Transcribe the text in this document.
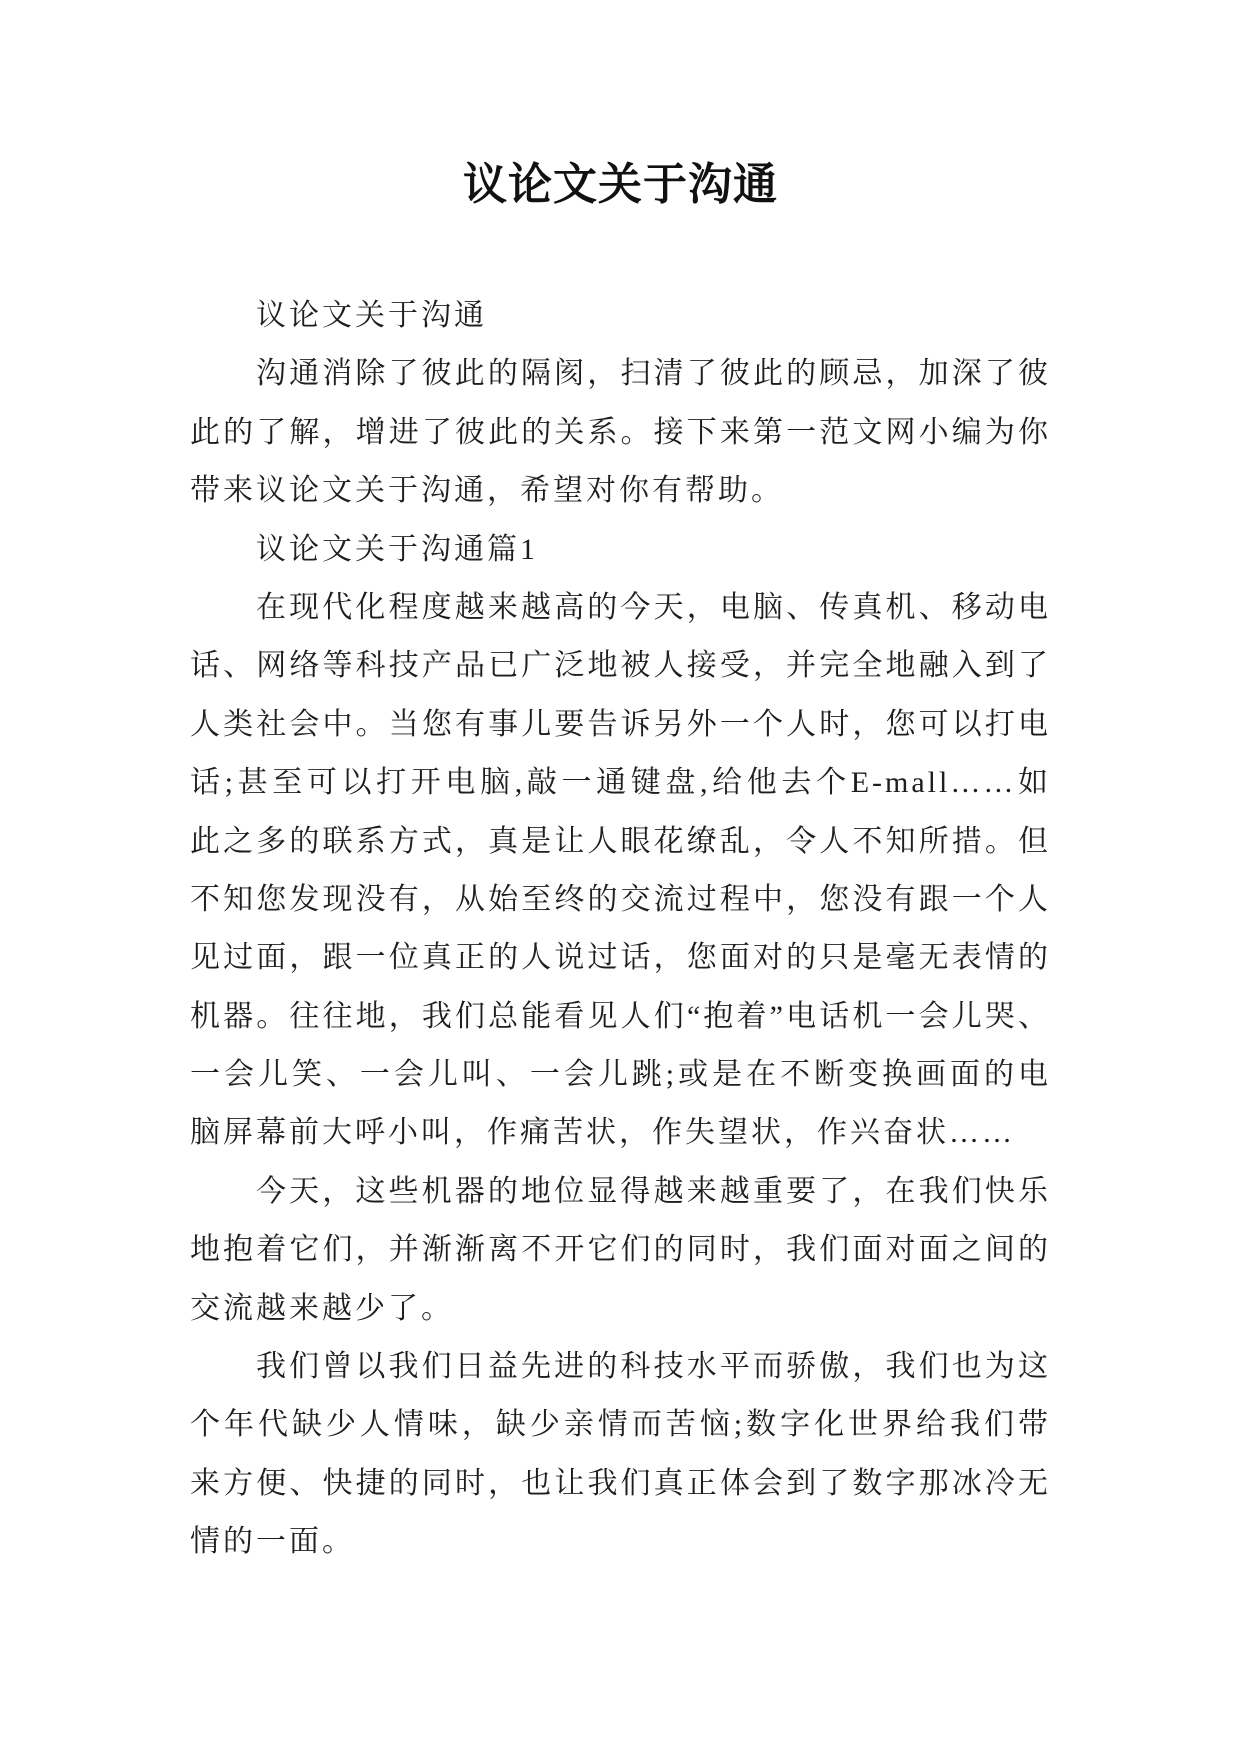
议论文关于沟通
议论文关于沟通
沟通消除了彼此的隔阂，扫清了彼此的顾忌，加深了彼
此的了解，增进了彼此的关系。接下来第一范文网小编为你
带来议论文关于沟通，希望对你有帮助。
议论文关于沟通篇1
在现代化程度越来越高的今天，电脑、传真机、移动电
话、网络等科技产品已广泛地被人接受，并完全地融入到了
人类社会中。当您有事儿要告诉另外一个人时，您可以打电
话;甚至可以打开电脑,敲一通键盘,给他去个E-mall……如
此之多的联系方式，真是让人眼花缭乱，令人不知所措。但
不知您发现没有，从始至终的交流过程中，您没有跟一个人
见过面，跟一位真正的人说过话，您面对的只是毫无表情的
机器。往往地，我们总能看见人们“抱着”电话机一会儿哭、
一会儿笑、一会儿叫、一会儿跳;或是在不断变换画面的电
脑屏幕前大呼小叫，作痛苦状，作失望状，作兴奋状……
今天，这些机器的地位显得越来越重要了，在我们快乐
地抱着它们，并渐渐离不开它们的同时，我们面对面之间的
交流越来越少了。
我们曾以我们日益先进的科技水平而骄傲，我们也为这
个年代缺少人情味，缺少亲情而苦恼;数字化世界给我们带
来方便、快捷的同时，也让我们真正体会到了数字那冰冷无
情的一面。
